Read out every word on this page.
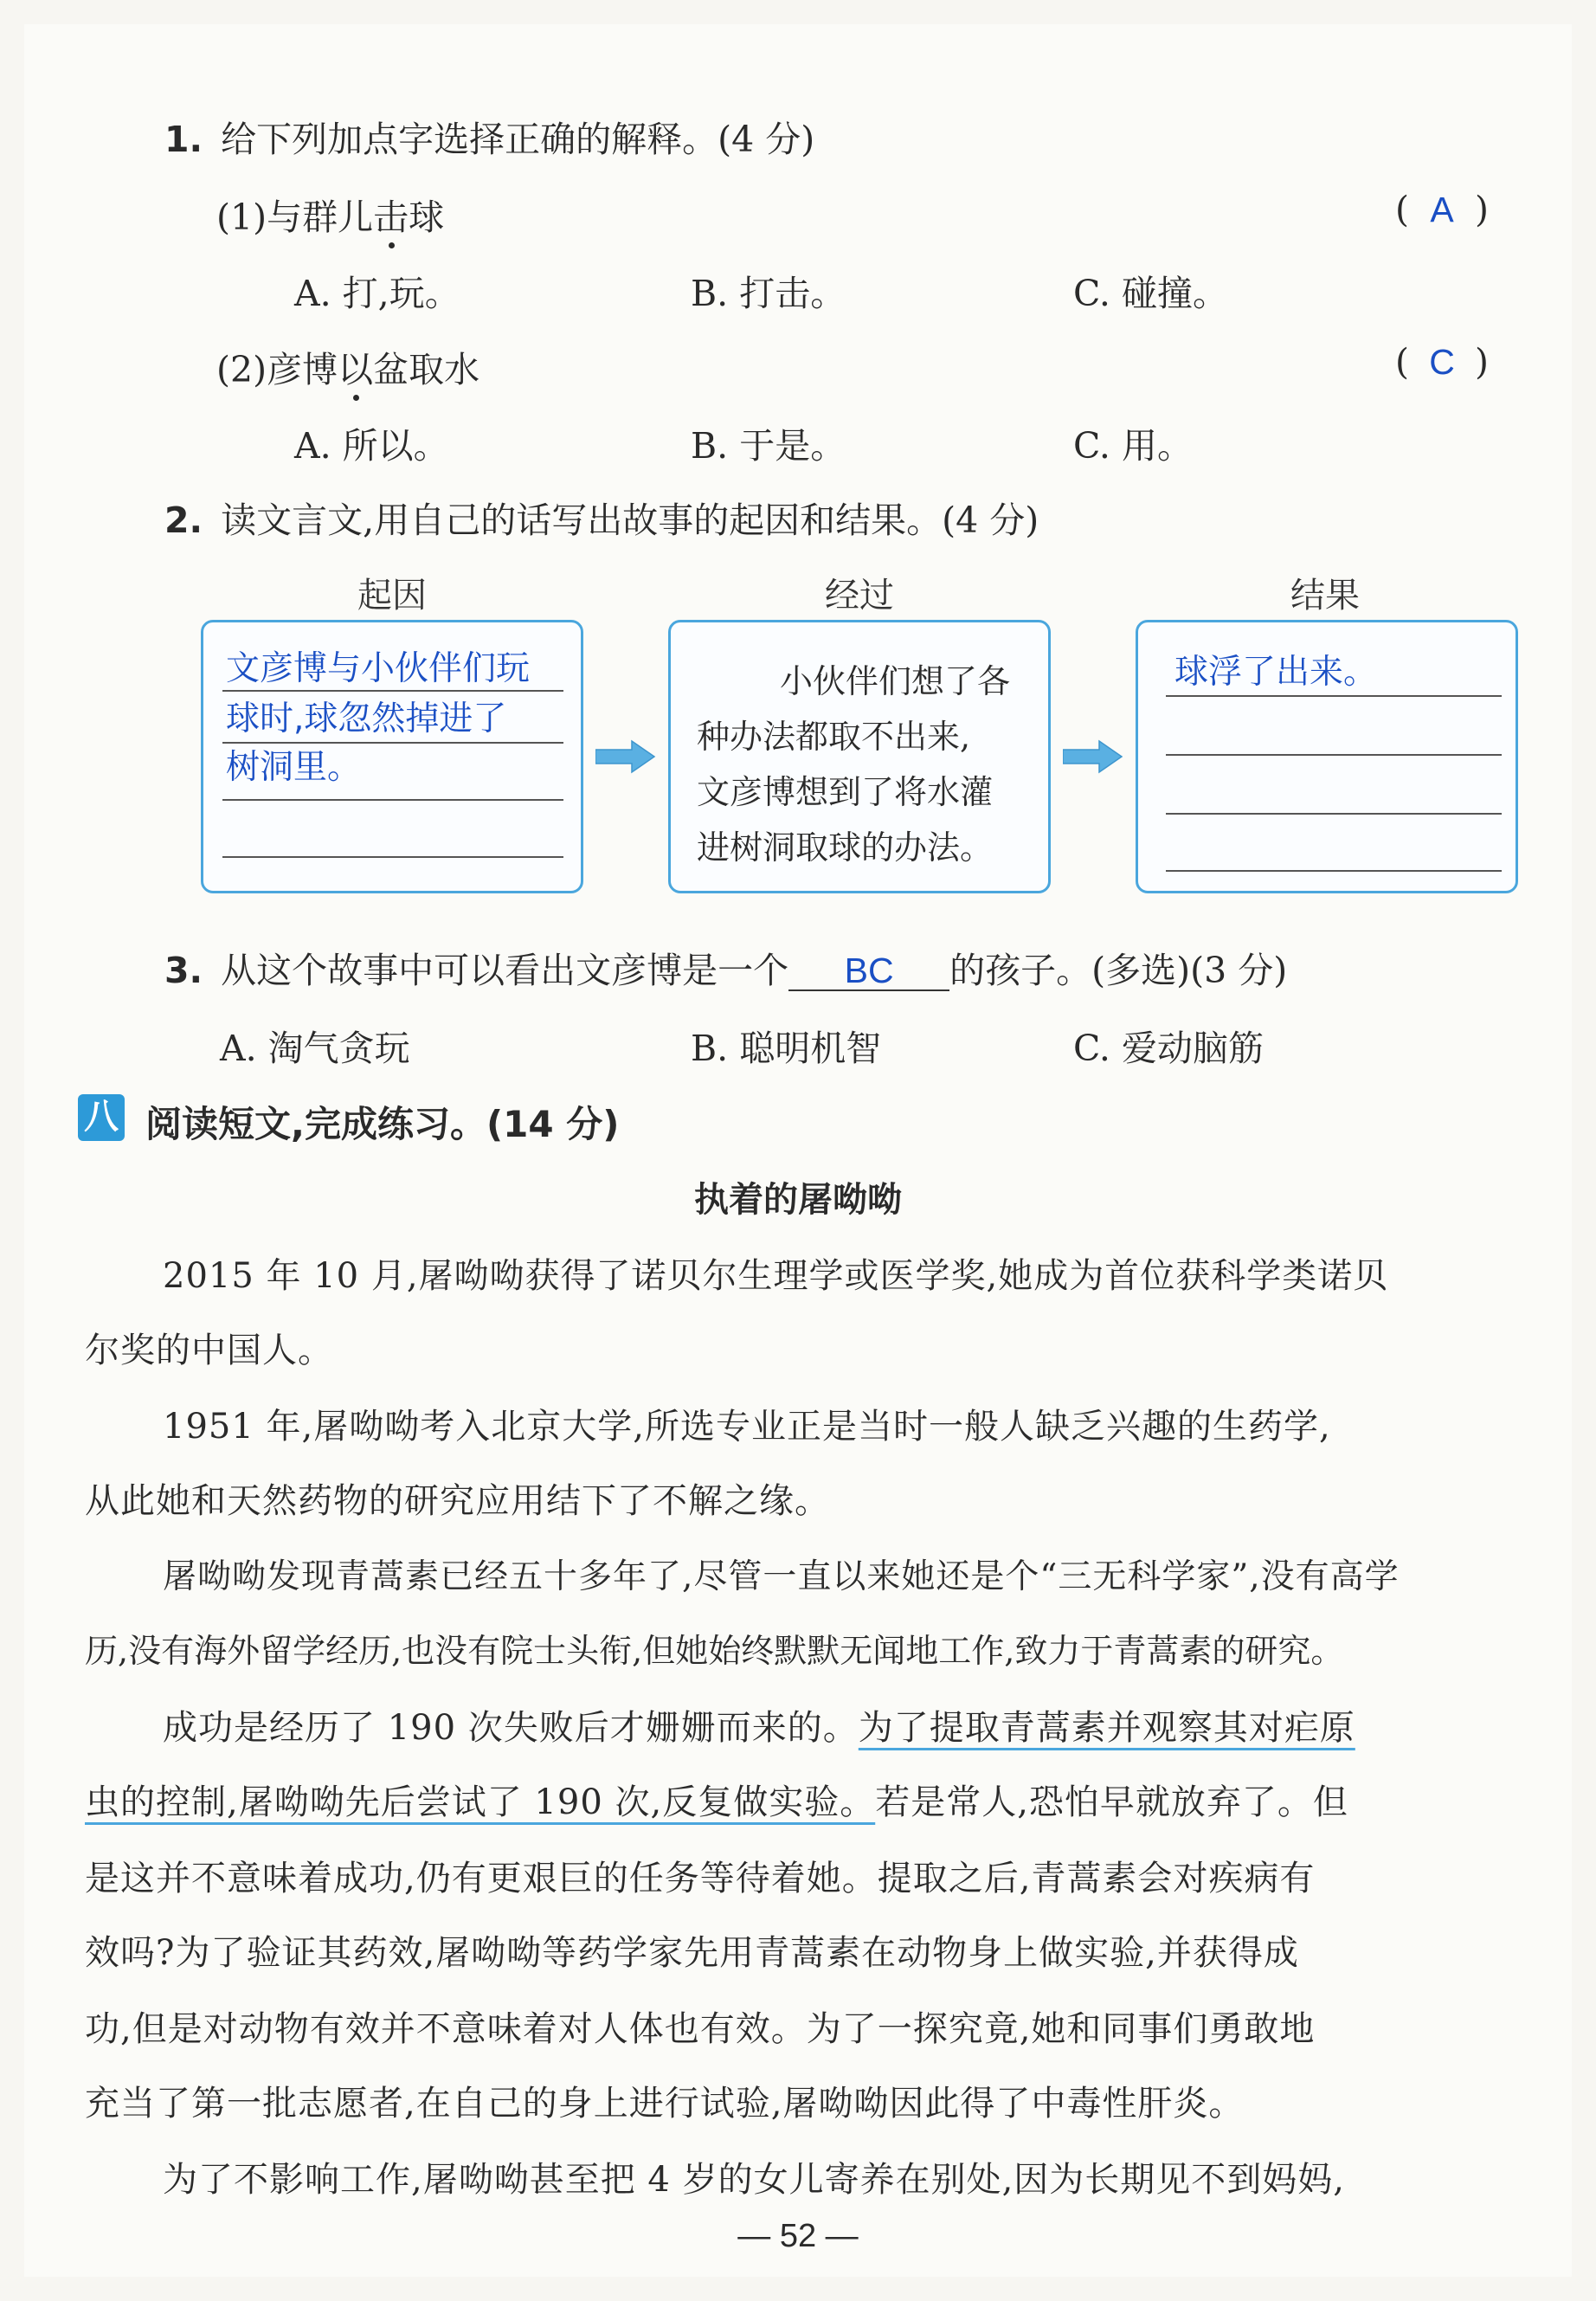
1. 给下列加点字选择正确的解释。(4 分)
(1)与群儿击球	( A )
A. 打,玩。	B. 打击。	C. 碰撞。
(2)彦博以盆取水	( C )
A. 所以。	B. 于是。	C. 用。
2. 读文言文,用自己的话写出故事的起因和结果。(4 分)
起因	经过	结果
文彦博与小伙伴们玩
球时,球忽然掉进了
树洞里。
小伙伴们想了各
种办法都取不出来,
文彦博想到了将水灌
进树洞取球的办法。
球浮了出来。
3. 从这个故事中可以看出文彦博是一个 BC 的孩子。(多选)(3 分)
A. 淘气贪玩	B. 聪明机智	C. 爱动脑筋
八 阅读短文,完成练习。(14 分)
执着的屠呦呦
2015 年 10 月,屠呦呦获得了诺贝尔生理学或医学奖,她成为首位获科学类诺贝
尔奖的中国人。
1951 年,屠呦呦考入北京大学,所选专业正是当时一般人缺乏兴趣的生药学,
从此她和天然药物的研究应用结下了不解之缘。
屠呦呦发现青蒿素已经五十多年了,尽管一直以来她还是个“三无科学家”,没有高学
历,没有海外留学经历,也没有院士头衔,但她始终默默无闻地工作,致力于青蒿素的研究。
成功是经历了 190 次失败后才姗姗而来的。为了提取青蒿素并观察其对疟原
虫的控制,屠呦呦先后尝试了 190 次,反复做实验。若是常人,恐怕早就放弃了。但
是这并不意味着成功,仍有更艰巨的任务等待着她。提取之后,青蒿素会对疾病有
效吗?为了验证其药效,屠呦呦等药学家先用青蒿素在动物身上做实验,并获得成
功,但是对动物有效并不意味着对人体也有效。为了一探究竟,她和同事们勇敢地
充当了第一批志愿者,在自己的身上进行试验,屠呦呦因此得了中毒性肝炎。
为了不影响工作,屠呦呦甚至把 4 岁的女儿寄养在别处,因为长期见不到妈妈,
— 52 —
